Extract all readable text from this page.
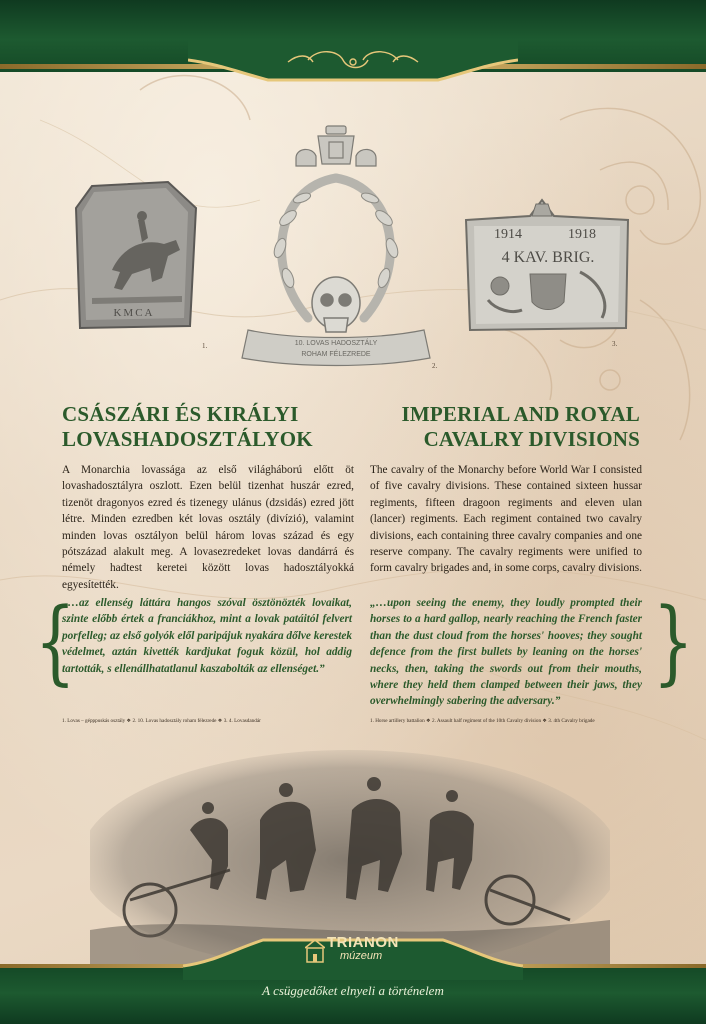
KMCA
1.	10. LOVAS HADOSZTÁLY
ROHAM FÉLEZREDE
2.
1914	1918
4 KAV. BRIG.
3.
CSÁSZÁRI ÉS KIRÁLYI
LOVASHADOSZTÁLYOK
IMPERIAL AND ROYAL
CAVALRY DIVISIONS

A Monarchia lovassága az első világháború előtt öt lovashadosztályra oszlott. Ezen belül tizenhat huszár ezred, tizenöt dragonyos ezred és tizenegy ulánus (dzsidás) ezred jött létre. Minden ezredben két lovas osztály (divízió), valamint minden lovas osztályon belül három lovas század és egy pótszázad alakult meg. A lovasezredeket lovas dandárrá és némely hadtest keretei között lovas hadosztályokká egyesítették.

The cavalry of the Monarchy before World War I consisted of five cavalry divisions. These contained sixteen hussar regiments, fifteen dragoon regiments and eleven ulan (lancer) regiments. Each regiment contained two cavalry divisions, each containing three cavalry companies and one reserve company. The cavalry regiments were unified to form cavalry brigades and, in some corps, cavalry divisions.

{

„…az ellenség láttára hangos szóval ösztönözték lovaikat, szinte előbb értek a franciákhoz, mint a lovak patáitól felvert porfelleg; az első golyók elől paripájuk nyakára dőlve kerestek védelmet, aztán kivették kardjukat foguk közül, hol addig tartották, s ellenállhatatlanul kaszabolták az ellenséget.”

„…upon seeing the enemy, they loudly prompted their horses to a hard gallop, nearly reaching the French faster than the dust cloud from the horses' hooves; they sought defence from the first bullets by leaning on the horses' necks, then, taking the swords out from their mouths, where they held them clamped between their jaws, they overwhelmingly sabering the adversary.”

}
1. Lovas – gépppuskás osztály ❖ 2. 10. Lovas hadosztály roham félezrede ❖ 3. 4. Lovasdandár	1. Horse artillery battalion ❖ 2. Assault half regiment of the 10th Cavalry division ❖ 3. 4th Cavalry brigade
TRIANON
múzeum
A csüggedőket elnyeli a történelem
